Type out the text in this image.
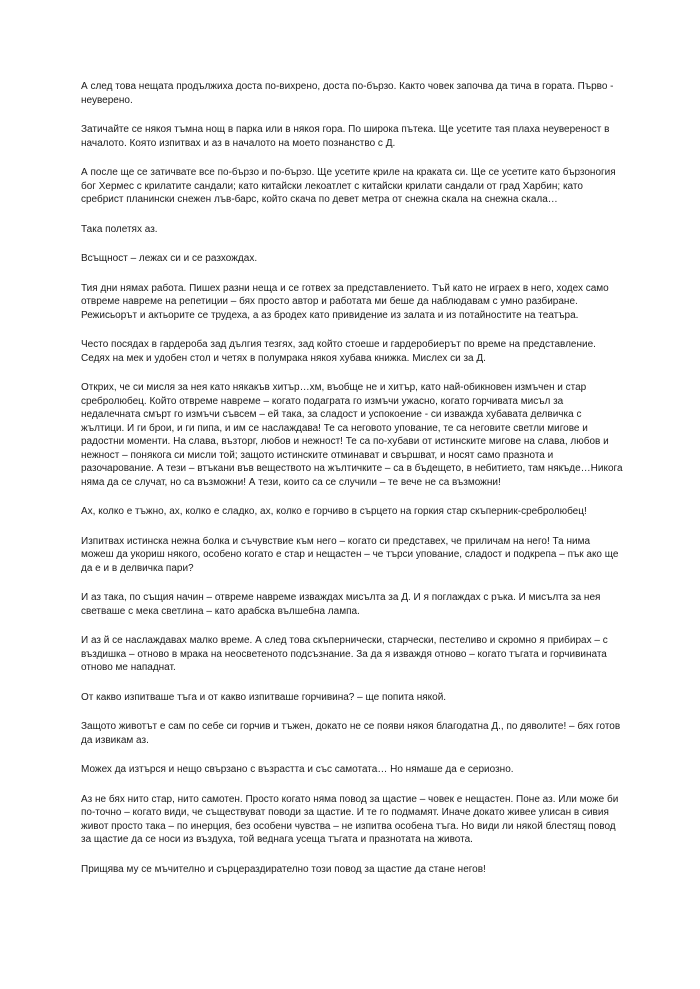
А след това нещата продължиха доста по-вихрено, доста по-бързо. Както човек започва да тича в гората. Първо - неуверено.

Затичайте се някоя тъмна нощ в парка или в някоя гора. По широка пътека. Ще усетите тая плаха неувереност в началото. Която изпитвах и аз в началото на моето познанство с Д.

А после ще се затичвате все по-бързо и по-бързо. Ще усетите криле на краката си. Ще се усетите като бързоногия бог Хермес с крилатите сандали; като китайски лекоатлет с китайски крилати сандали от град Харбин; като сребрист планински снежен лъв-барс, който скача по девет метра от снежна скала на снежна скала…

Така полетях аз.

Всъщност – лежах си и се разхождах.

Тия дни нямах работа. Пишех разни неща и се готвех за представлението. Тъй като не играех в него, ходех само отвреме навреме на репетиции – бях просто автор и работата ми беше да наблюдавам с умно разбиране. Режисьорът и актьорите се трудеха, а аз бродех като привидение из залата и из потайностите на театъра.

Често посядах в гардероба зад дългия тезгях, зад който стоеше и гардеробиерът по време на представление. Седях на мек и удобен стол и четях в полумрака някоя хубава книжка. Мислех си за Д.

Открих, че си мисля за нея като някакъв хитър…хм, въобще не и хитър, като най-обикновен измъчен и стар сребролюбец. Който отвреме навреме – когато подаграта го измъчи ужасно, когато горчивата мисъл за недалечната смърт го измъчи съвсем – ей така, за сладост и успокоение - си изважда хубавата делвичка с жълтици. И ги брои, и ги пипа, и им се наслаждава! Те са неговото упование, те са неговите светли мигове и радостни моменти. На слава, възторг, любов и нежност! Те са по-хубави от истинските мигове на слава, любов и нежност – понякога си мисли той; защото истинските отминават и свършват, и носят само празнота и разочарование. А тези – втъкани във веществото на жълтичките – са в бъдещето, в небитието, там някъде…Никога няма да се случат, но са възможни! А тези, които са се случили – те вече не са възможни!

Ах, колко е тъжно, ах, колко е сладко, ах, колко е горчиво в сърцето на горкия стар скъперник-сребролюбец!

Изпитвах истинска нежна болка и съчувствие към него – когато си представех, че приличам на него! Та нима можеш да укориш някого, особено когато е стар и нещастен – че търси упование, сладост и подкрепа – пък ако ще да е и в делвичка пари?

И аз така, по същия начин – отвреме навреме изваждах мисълта за Д. И я поглаждах с ръка. И мисълта за нея светваше с мека светлина – като арабска вълшебна лампа.

И аз й се наслаждавах малко време. А след това скъпернически, старчески, пестеливо и скромно я прибирах – с въздишка – отново в мрака на неосветеното подсъзнание. За да я изваждя отново – когато тъгата и горчивината отново ме нападнат.

От какво изпитваше тъга и от какво изпитваше горчивина? – ще попита някой.

Защото животът е сам по себе си горчив и тъжен, докато не се появи някоя благодатна Д., по дяволите! – бях готов да извикам аз.

Можех да изтърся и нещо свързано с възрастта и със самотата… Но нямаше да е сериозно.

Аз не бях нито стар, нито самотен. Просто когато няма повод за щастие – човек е нещастен. Поне аз. Или може би по-точно – когато види, че съществуват поводи за щастие. И те го подмамят. Иначе докато живее улисан в сивия живот просто така – по инерция, без особени чувства – не изпитва особена тъга. Но види ли някой блестящ повод за щастие да се носи из въздуха, той веднага усеща тъгата и празнотата на живота.

Прищява му се мъчително и сърцераздирателно този повод за щастие да стане негов!
